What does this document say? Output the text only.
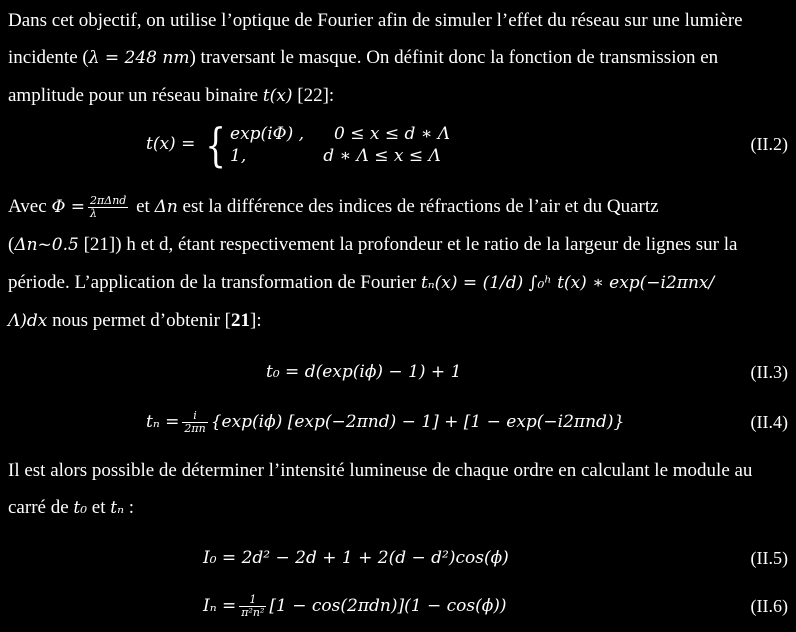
Dans cet objectif, on utilise l’optique de Fourier afin de simuler l’effet du réseau sur une lumière
incidente (λ = 248 nm) traversant le masque. On définit donc la fonction de transmission en
amplitude pour un réseau binaire t(x) [22]:

t(x) = { exp(iΦ) , 0 ≤ x ≤ d ∗ Λ
1,	d ∗ Λ ≤ x ≤ Λ
(II.2)

Avec $\Phi = \frac{\text{2πΔnd}}{\lambda}$ et Δn est la différence des indices de réfractions de l’air et du Quartz
(Δn~0.5 [21]) h et d, étant respectivement la profondeur et le ratio de la largeur de lignes sur la
période. L’application de la transformation de Fourier tₙ(x) = (1/d) ∫₀ʰ t(x) ∗ exp(−i2πnx/
Λ)dx nous permet d’obtenir [21]:

t₀ = d(exp(iϕ) − 1) + 1	(II.3)
$t_n = \frac{i}{2\pi n} \{\exp(i\phi) [\exp(-2\pi nd) - 1] + [1 - \exp(-i2\pi nd)\}$	(II.4)

Il est alors possible de déterminer l’intensité lumineuse de chaque ordre en calculant le module au
carré de t₀ et tₙ :

I₀ = 2d² − 2d + 1 + 2(d − d²)cos(ϕ)	(II.5)
$I_n = \frac{1}{\text{π²n²}} [1 - \cos(2\pi dn)](1 - \cos(\phi))$	(II.6)
